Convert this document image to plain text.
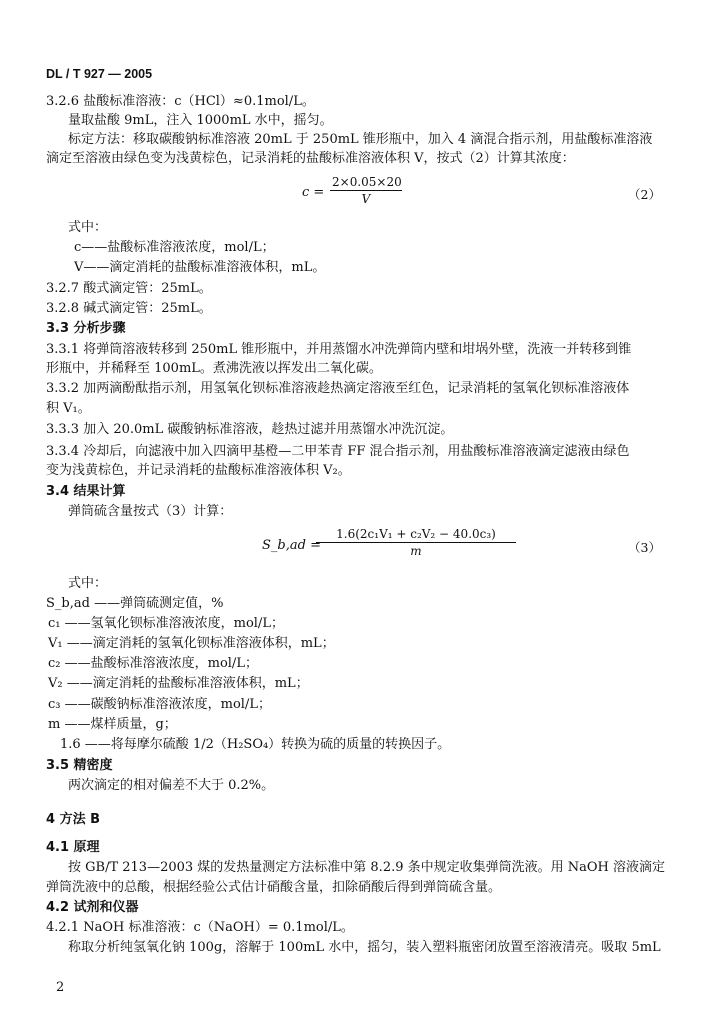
DL / T 927 — 2005
3.2.6 盐酸标准溶液：c（HCl）≈0.1mol/L。
量取盐酸 9mL，注入 1000mL 水中，摇匀。
标定方法：移取碳酸钠标准溶液 20mL 于 250mL 锥形瓶中，加入 4 滴混合指示剂，用盐酸标准溶液
滴定至溶液由绿色变为浅黄棕色，记录消耗的盐酸标准溶液体积 V，按式（2）计算其浓度：
c =
2×0.05×20
V	（2）
式中：
c——盐酸标准溶液浓度，mol/L；
V——滴定消耗的盐酸标准溶液体积，mL。
3.2.7 酸式滴定管：25mL。
3.2.8 碱式滴定管：25mL。
3.3 分析步骤
3.3.1 将弹筒溶液转移到 250mL 锥形瓶中，并用蒸馏水冲洗弹筒内壁和坩埚外壁，洗液一并转移到锥
形瓶中，并稀释至 100mL。煮沸洗液以挥发出二氧化碳。
3.3.2 加两滴酚酞指示剂，用氢氧化钡标准溶液趁热滴定溶液至红色，记录消耗的氢氧化钡标准溶液体
积 V₁。
3.3.3 加入 20.0mL 碳酸钠标准溶液，趁热过滤并用蒸馏水冲洗沉淀。
3.3.4 冷却后，向滤液中加入四滴甲基橙—二甲苯青 FF 混合指示剂，用盐酸标准溶液滴定滤液由绿色
变为浅黄棕色，并记录消耗的盐酸标准溶液体积 V₂。
3.4 结果计算
弹筒硫含量按式（3）计算：
S_b,ad =
1.6(2c₁V₁ + c₂V₂ − 40.0c₃)
m	（3）
式中：
S_b,ad ——弹筒硫测定值，%
c₁ ——氢氧化钡标准溶液浓度，mol/L；
V₁ ——滴定消耗的氢氧化钡标准溶液体积，mL；
c₂ ——盐酸标准溶液浓度，mol/L；
V₂ ——滴定消耗的盐酸标准溶液体积，mL；
c₃ ——碳酸钠标准溶液浓度，mol/L；
m ——煤样质量，g；
1.6 ——将每摩尔硫酸 1/2（H₂SO₄）转换为硫的质量的转换因子。
3.5 精密度
两次滴定的相对偏差不大于 0.2%。
4 方法 B
4.1 原理
按 GB/T 213—2003 煤的发热量测定方法标准中第 8.2.9 条中规定收集弹筒洗液。用 NaOH 溶液滴定
弹筒洗液中的总酸，根据经验公式估计硝酸含量，扣除硝酸后得到弹筒硫含量。
4.2 试剂和仪器
4.2.1 NaOH 标准溶液：c（NaOH）= 0.1mol/L。
称取分析纯氢氧化钠 100g，溶解于 100mL 水中，摇匀，装入塑料瓶密闭放置至溶液清亮。吸取 5mL
2
